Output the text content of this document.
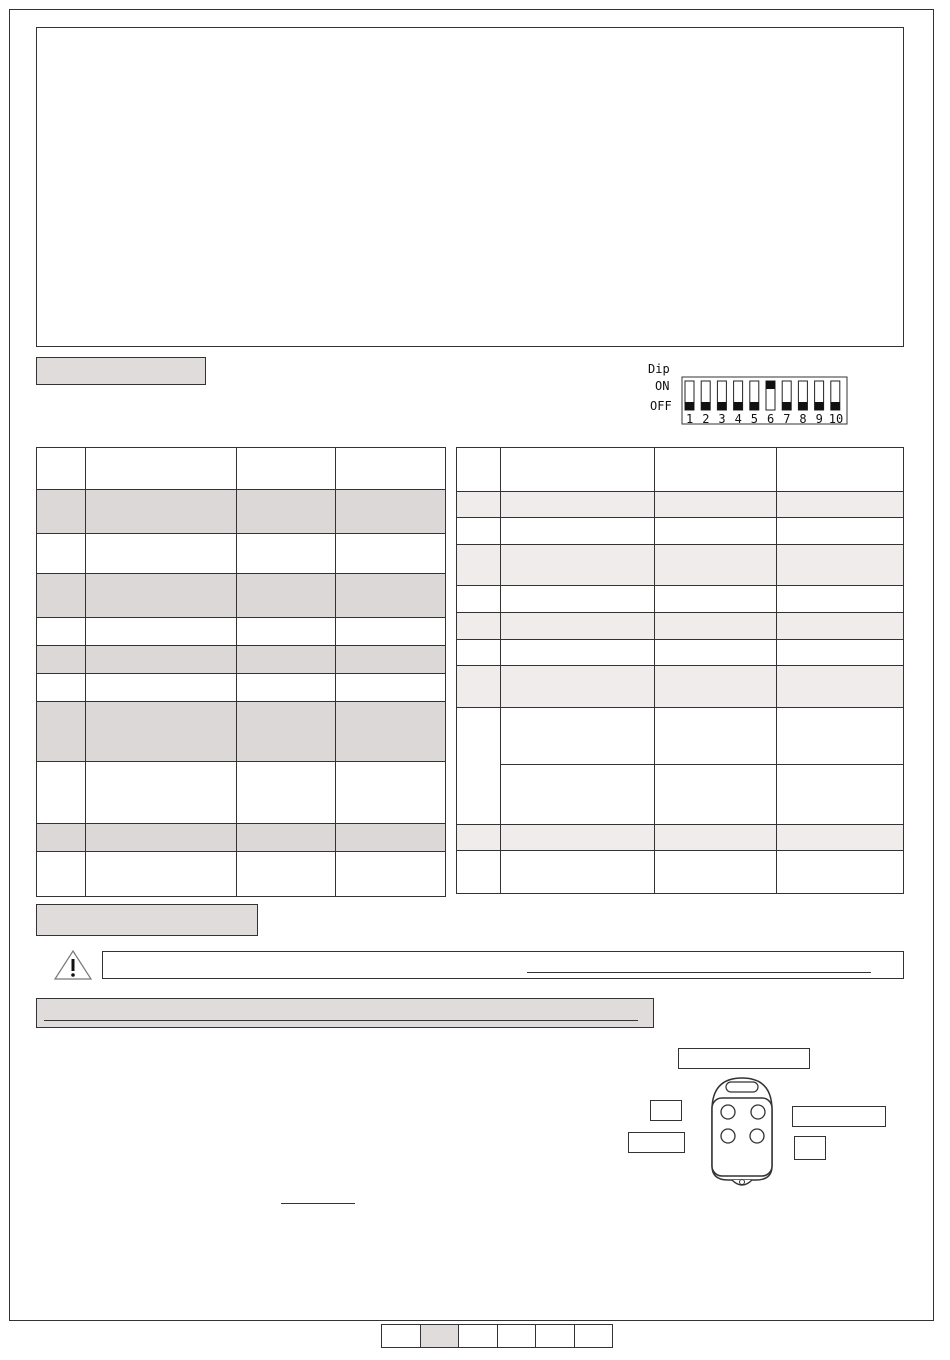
Dip
ON
OFF
1 2 3 4 5 6 7 8 9 10
